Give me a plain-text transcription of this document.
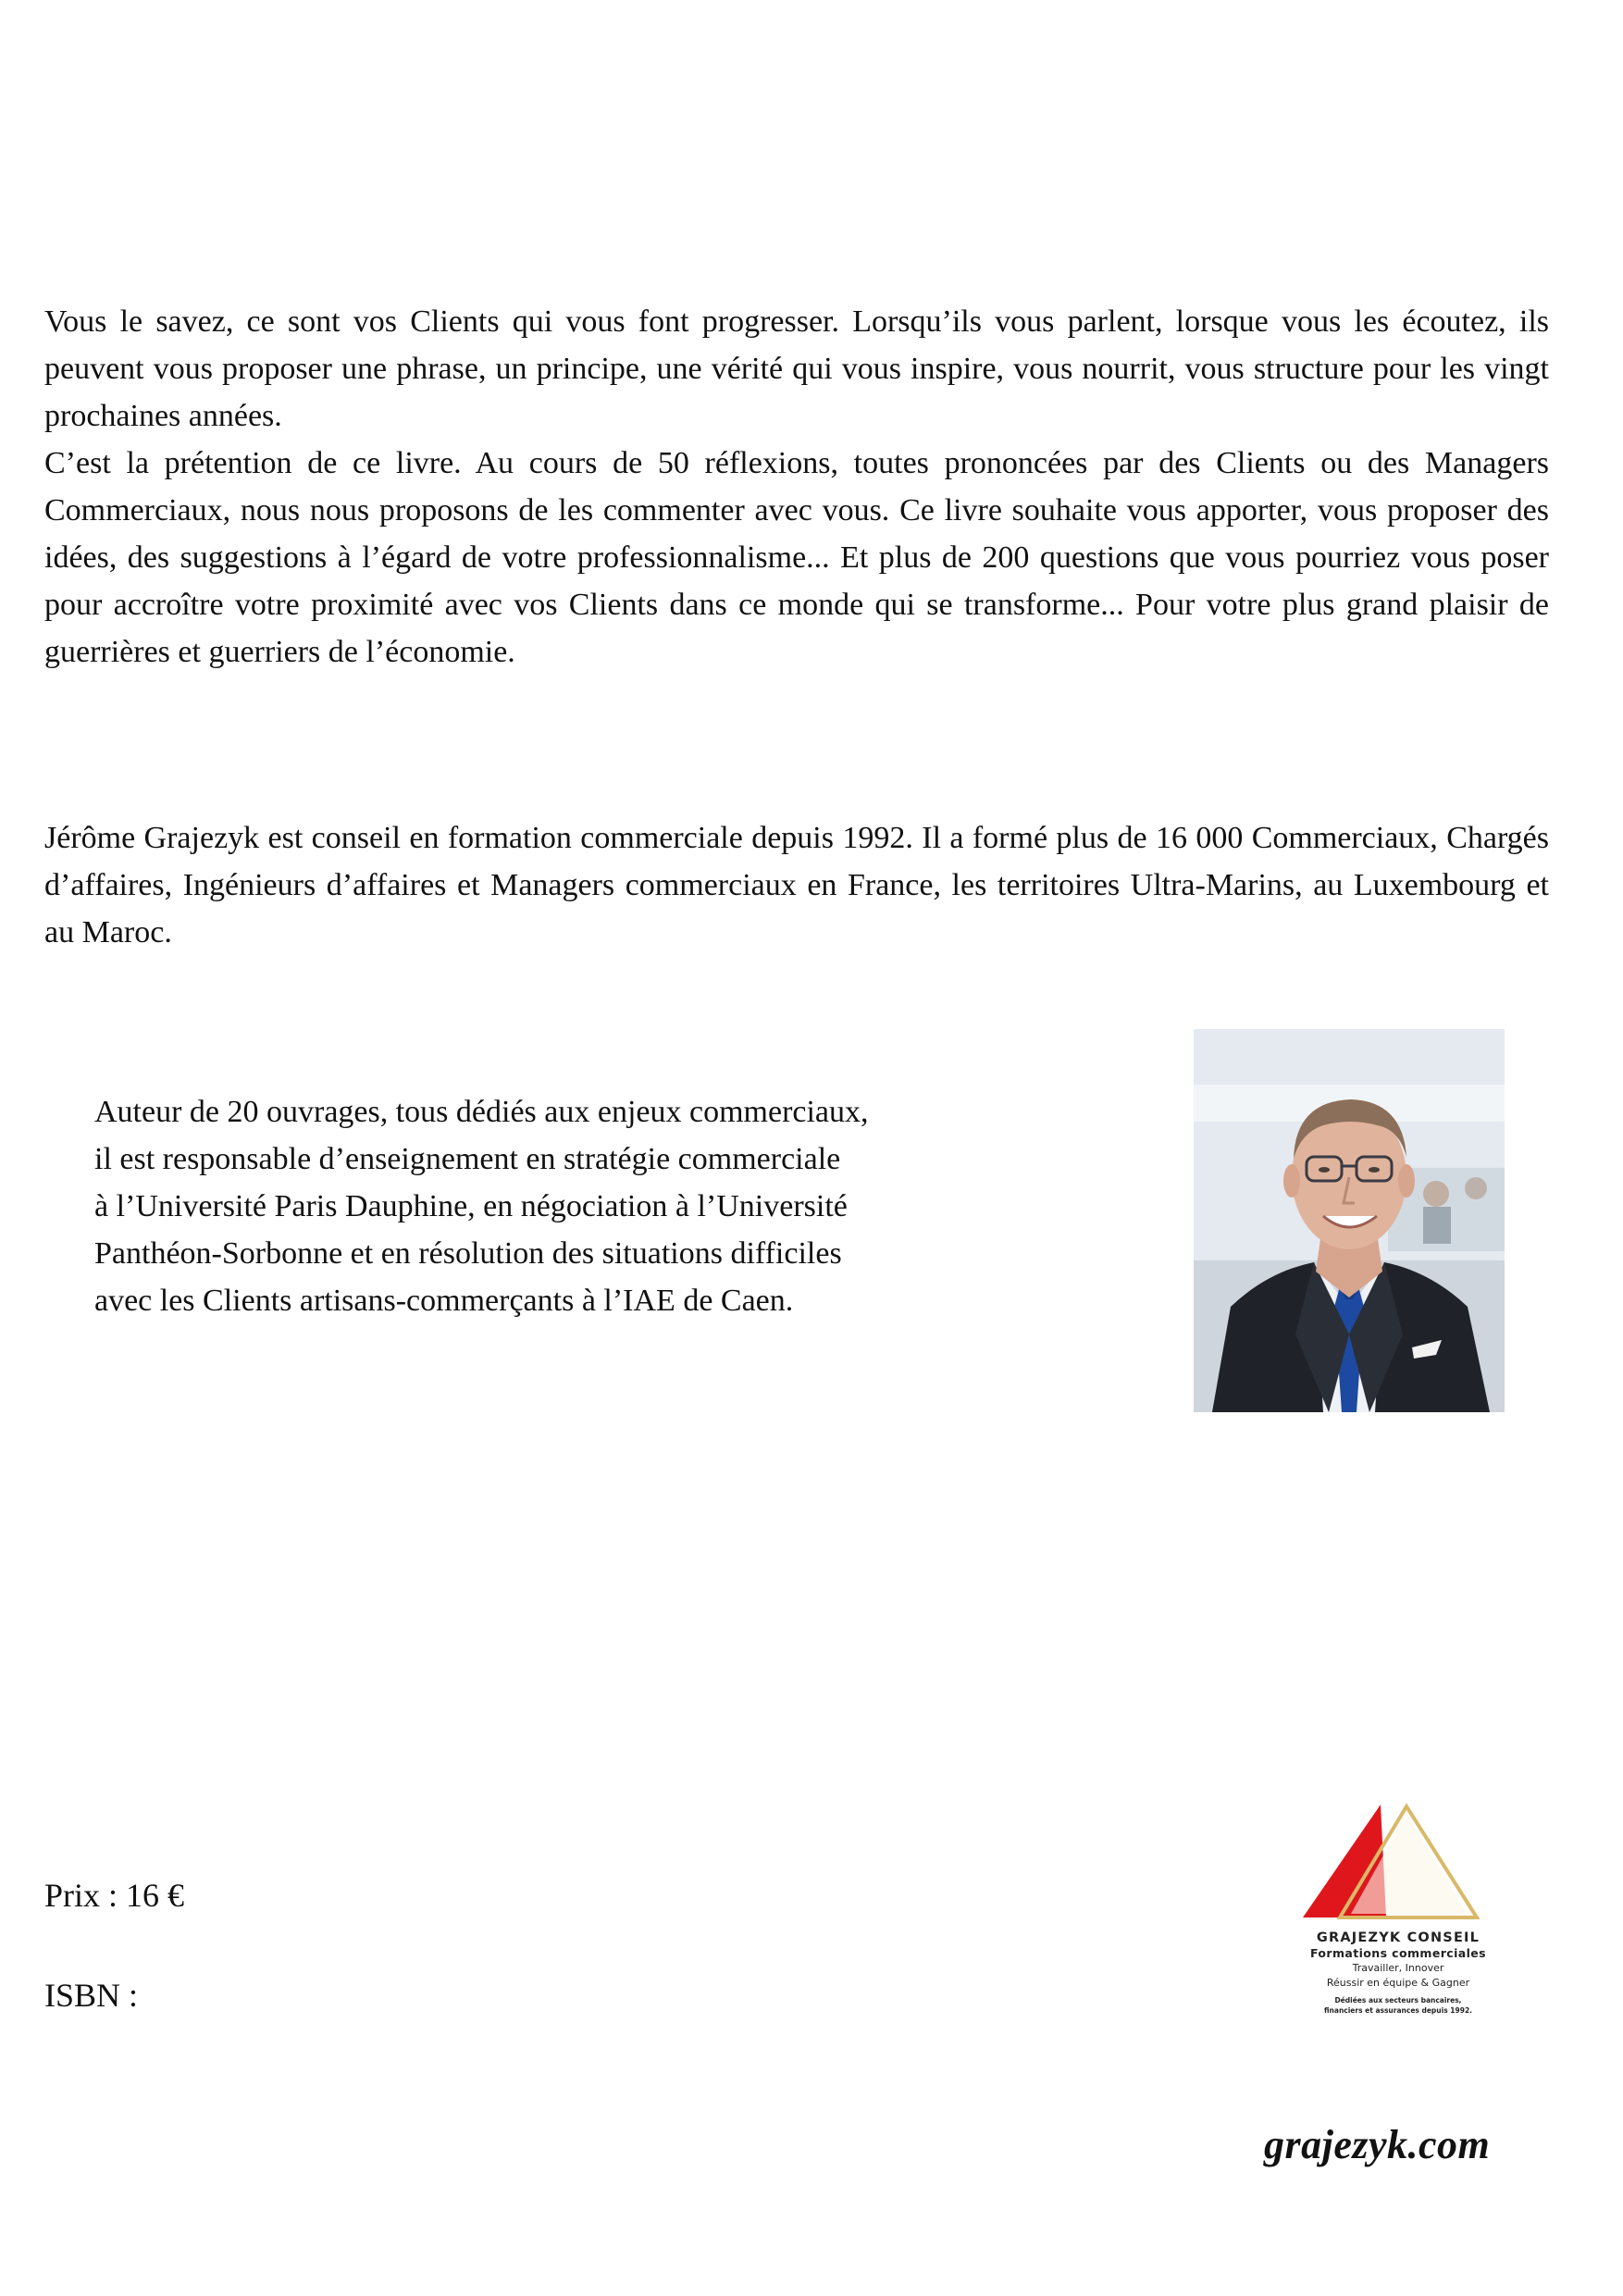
Vous le savez, ce sont vos Clients qui vous font progresser. Lorsqu’ils vous parlent, lorsque vous les écoutez, ils peuvent vous proposer une phrase, un principe, une vérité qui vous inspire, vous nourrit, vous structure pour les vingt prochaines années.
C’est la prétention de ce livre. Au cours de 50 réflexions, toutes prononcées par des Clients ou des Managers Commerciaux, nous nous proposons de les commenter avec vous. Ce livre souhaite vous apporter, vous proposer des idées, des suggestions à l’égard de votre professionnalisme... Et plus de 200 questions que vous pourriez vous poser pour accroître votre proximité avec vos Clients dans ce monde qui se transforme... Pour votre plus grand plaisir de guerrières et guerriers de l’économie.

Jérôme Grajezyk est conseil en formation commerciale depuis 1992. Il a formé plus de 16 000 Commerciaux, Chargés d’affaires, Ingénieurs d’affaires et Managers commerciaux en France, les territoires Ultra-Marins, au Luxembourg et au Maroc.

Auteur de 20 ouvrages, tous dédiés aux enjeux commerciaux,
il est responsable d’enseignement en stratégie commerciale
à l’Université Paris Dauphine, en négociation à l’Université
Panthéon-Sorbonne et en résolution des situations difficiles
avec les Clients artisans-commerçants à l’IAE de Caen.
Prix : 16 €
ISBN :
GRAJEZYK CONSEIL
Formations commerciales
Travailler, Innover
Réussir en équipe & Gagner
Dédiées aux secteurs bancaires,
financiers et assurances depuis 1992.
grajezyk.com
